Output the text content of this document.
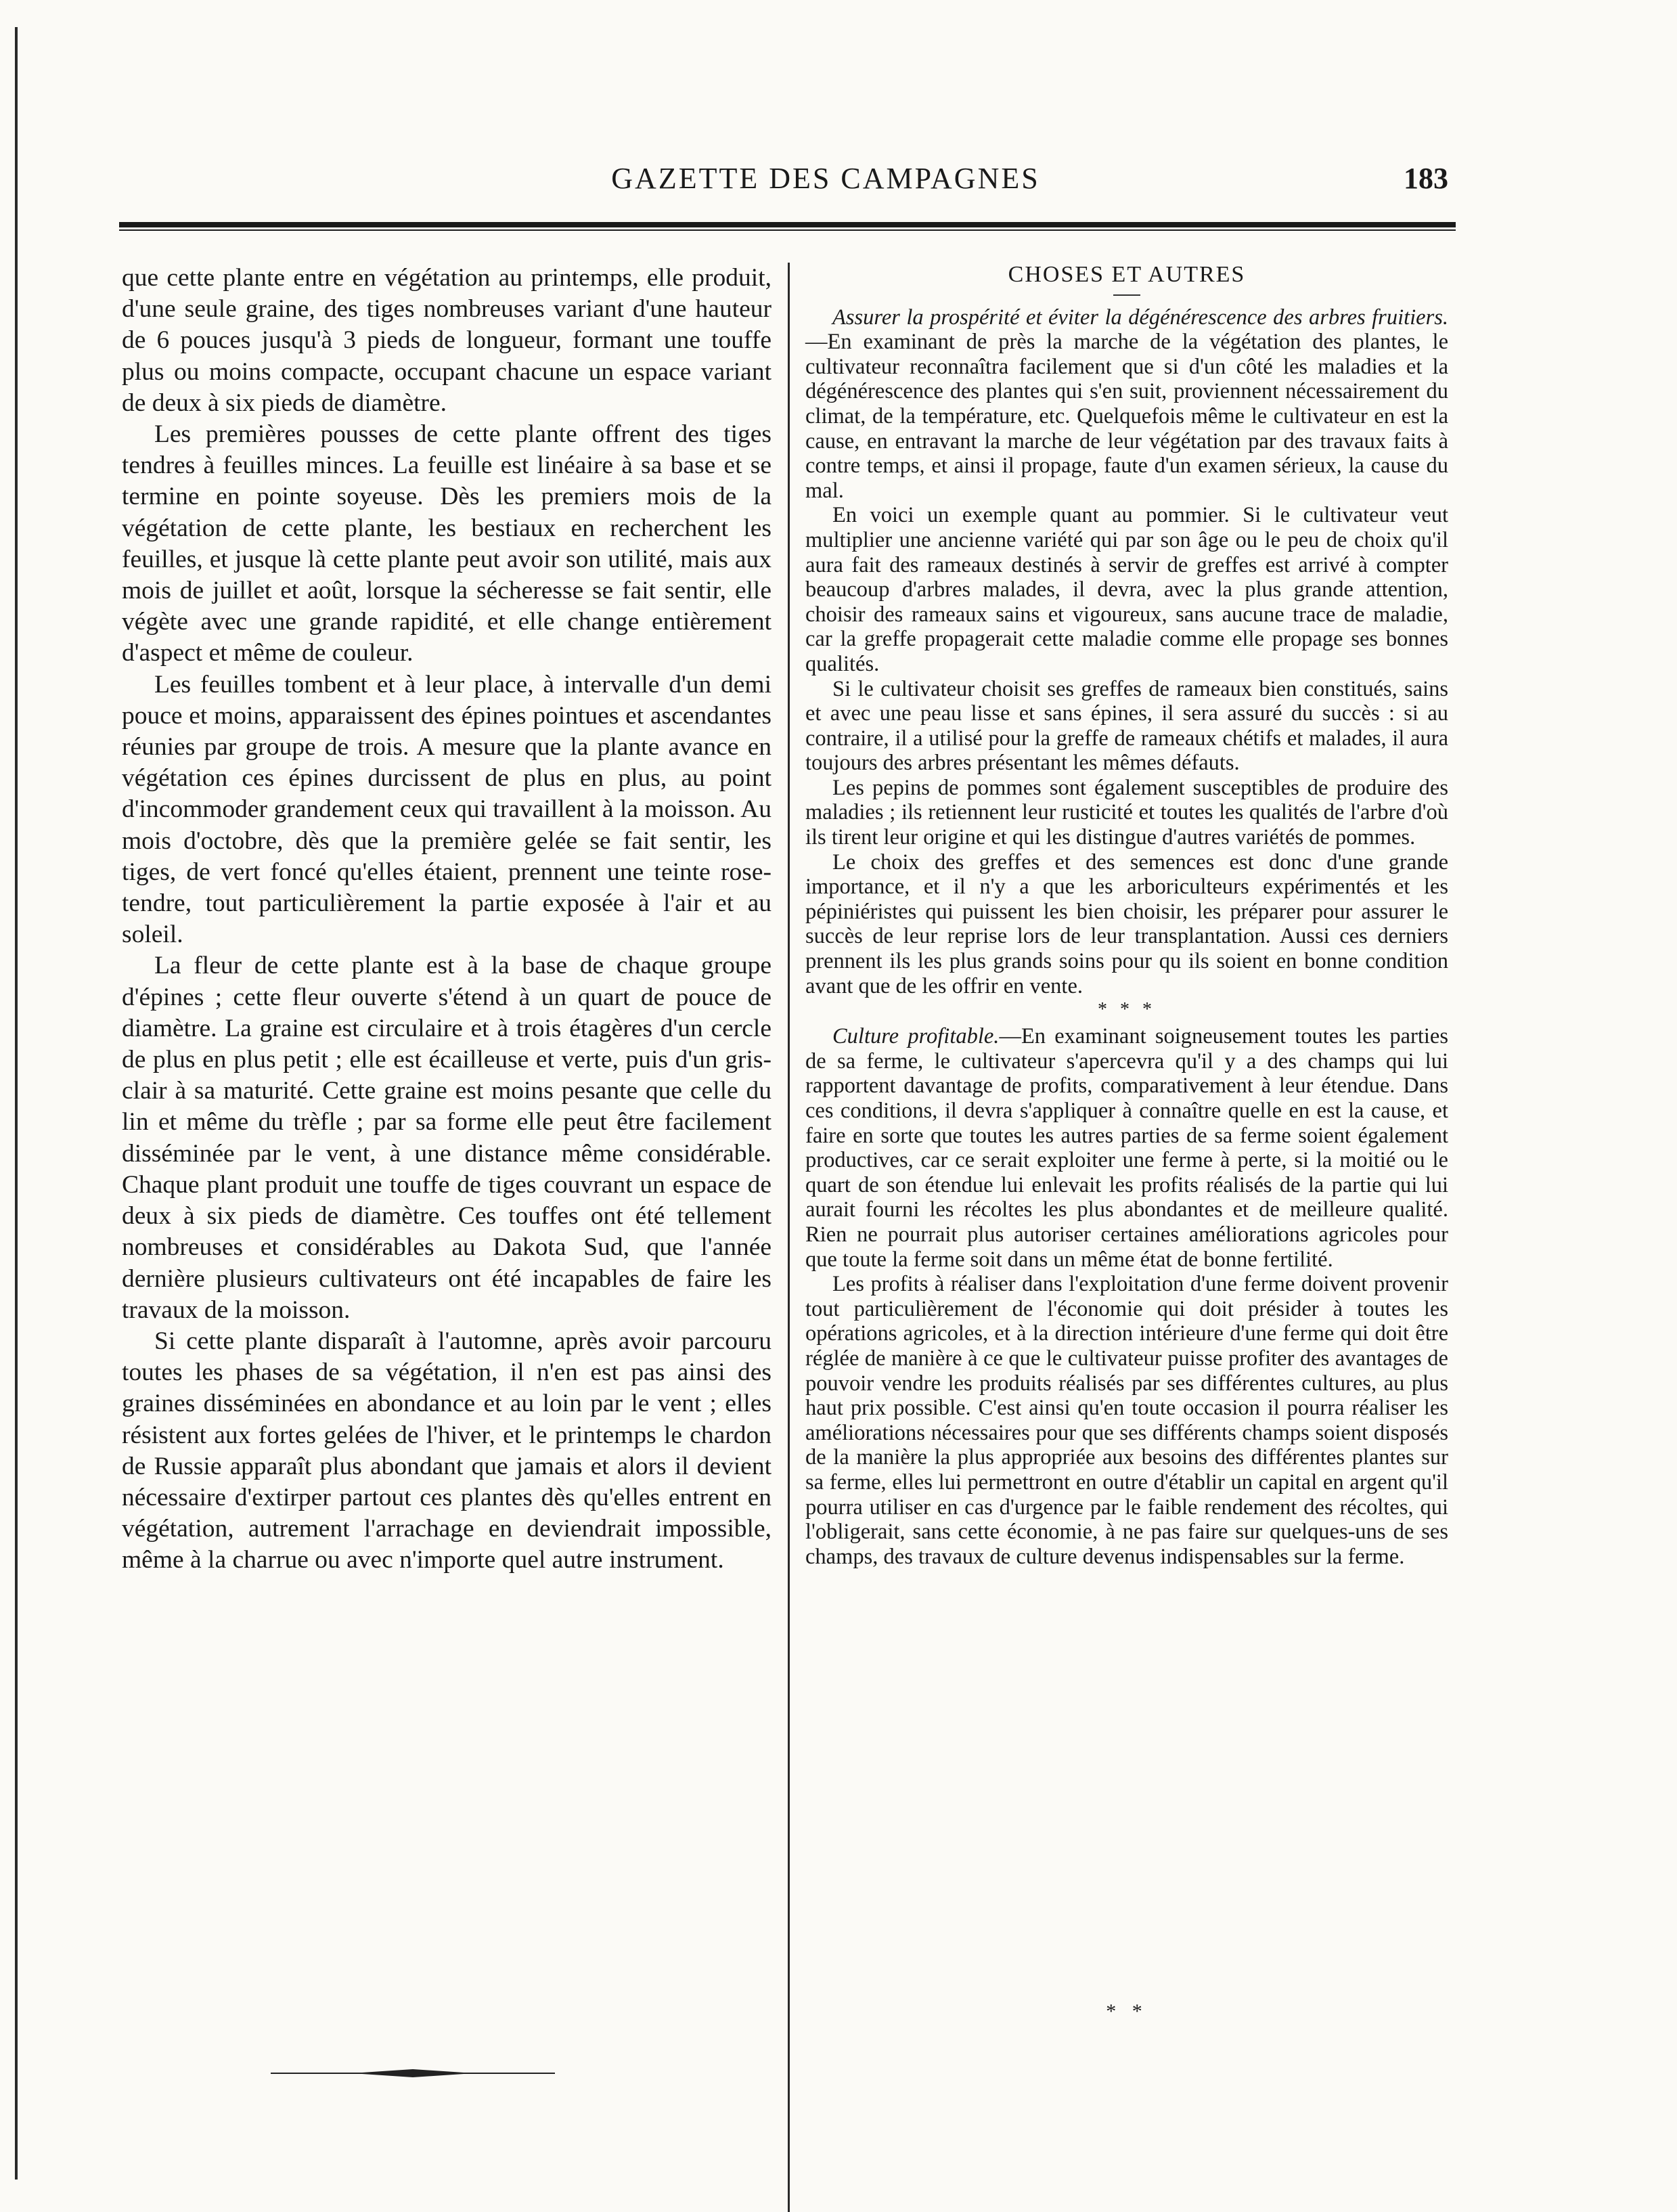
GAZETTE DES CAMPAGNES	183

que cette plante entre en végétation au printemps, elle produit, d'une seule graine, des tiges nombreuses variant d'une hauteur de 6 pouces jusqu'à 3 pieds de longueur, formant une touffe plus ou moins compacte, occupant chacune un espace variant de deux à six pieds de diamètre.

Les premières pousses de cette plante offrent des tiges tendres à feuilles minces. La feuille est linéaire à sa base et se termine en pointe soyeuse. Dès les premiers mois de la végétation de cette plante, les bestiaux en recherchent les feuilles, et jusque là cette plante peut avoir son utilité, mais aux mois de juillet et août, lorsque la sécheresse se fait sentir, elle végète avec une grande rapidité, et elle change entièrement d'aspect et même de couleur.

Les feuilles tombent et à leur place, à intervalle d'un demi pouce et moins, apparaissent des épines pointues et ascendantes réunies par groupe de trois. A mesure que la plante avance en végétation ces épines durcissent de plus en plus, au point d'incommoder grandement ceux qui travaillent à la moisson. Au mois d'octobre, dès que la première gelée se fait sentir, les tiges, de vert foncé qu'elles étaient, prennent une teinte rose-tendre, tout particulièrement la partie exposée à l'air et au soleil.

La fleur de cette plante est à la base de chaque groupe d'épines ; cette fleur ouverte s'étend à un quart de pouce de diamètre. La graine est circulaire et à trois étagères d'un cercle de plus en plus petit ; elle est écailleuse et verte, puis d'un gris-clair à sa maturité. Cette graine est moins pesante que celle du lin et même du trèfle ; par sa forme elle peut être facilement disséminée par le vent, à une distance même considérable. Chaque plant produit une touffe de tiges couvrant un espace de deux à six pieds de diamètre. Ces touffes ont été tellement nombreuses et considérables au Dakota Sud, que l'année dernière plusieurs cultivateurs ont été incapables de faire les travaux de la moisson.

Si cette plante disparaît à l'automne, après avoir parcouru toutes les phases de sa végétation, il n'en est pas ainsi des graines disséminées en abondance et au loin par le vent ; elles résistent aux fortes gelées de l'hiver, et le printemps le chardon de Russie apparaît plus abondant que jamais et alors il devient nécessaire d'extirper partout ces plantes dès qu'elles entrent en végétation, autrement l'arrachage en deviendrait impossible, même à la charrue ou avec n'importe quel autre instrument.

CHOSES ET AUTRES

Assurer la prospérité et éviter la dégénérescence des arbres fruitiers.—En examinant de près la marche de la végétation des plantes, le cultivateur reconnaîtra facilement que si d'un côté les maladies et la dégénérescence des plantes qui s'en suit, proviennent nécessairement du climat, de la température, etc. Quelquefois même le cultivateur en est la cause, en entravant la marche de leur végétation par des travaux faits à contre temps, et ainsi il propage, faute d'un examen sérieux, la cause du mal.

En voici un exemple quant au pommier. Si le cultivateur veut multiplier une ancienne variété qui par son âge ou le peu de choix qu'il aura fait des rameaux destinés à servir de greffes est arrivé à compter beaucoup d'arbres malades, il devra, avec la plus grande attention, choisir des rameaux sains et vigoureux, sans aucune trace de maladie, car la greffe propagerait cette maladie comme elle propage ses bonnes qualités.

Si le cultivateur choisit ses greffes de rameaux bien constitués, sains et avec une peau lisse et sans épines, il sera assuré du succès : si au contraire, il a utilisé pour la greffe de rameaux chétifs et malades, il aura toujours des arbres présentant les mêmes défauts.

Les pepins de pommes sont également susceptibles de produire des maladies ; ils retiennent leur rusticité et toutes les qualités de l'arbre d'où ils tirent leur origine et qui les distingue d'autres variétés de pommes.

Le choix des greffes et des semences est donc d'une grande importance, et il n'y a que les arboriculteurs expérimentés et les pépiniéristes qui puissent les bien choisir, les préparer pour assurer le succès de leur reprise lors de leur transplantation. Aussi ces derniers prennent ils les plus grands soins pour qu ils soient en bonne condition avant que de les offrir en vente.

* * *

Culture profitable.—En examinant soigneusement toutes les parties de sa ferme, le cultivateur s'apercevra qu'il y a des champs qui lui rapportent davantage de profits, comparativement à leur étendue. Dans ces conditions, il devra s'appliquer à connaître quelle en est la cause, et faire en sorte que toutes les autres parties de sa ferme soient également productives, car ce serait exploiter une ferme à perte, si la moitié ou le quart de son étendue lui enlevait les profits réalisés de la partie qui lui aurait fourni les récoltes les plus abondantes et de meilleure qualité. Rien ne pourrait plus autoriser certaines améliorations agricoles pour que toute la ferme soit dans un même état de bonne fertilité.

Les profits à réaliser dans l'exploitation d'une ferme doivent provenir tout particulièrement de l'économie qui doit présider à toutes les opérations agricoles, et à la direction intérieure d'une ferme qui doit être réglée de manière à ce que le cultivateur puisse profiter des avantages de pouvoir vendre les produits réalisés par ses différentes cultures, au plus haut prix possible. C'est ainsi qu'en toute occasion il pourra réaliser les améliorations nécessaires pour que ses différents champs soient disposés de la manière la plus appropriée aux besoins des différentes plantes sur sa ferme, elles lui permettront en outre d'établir un capital en argent qu'il pourra utiliser en cas d'urgence par le faible rendement des récoltes, qui l'obligerait, sans cette économie, à ne pas faire sur quelques-uns de ses champs, des travaux de culture devenus indispensables sur la ferme.

* *
